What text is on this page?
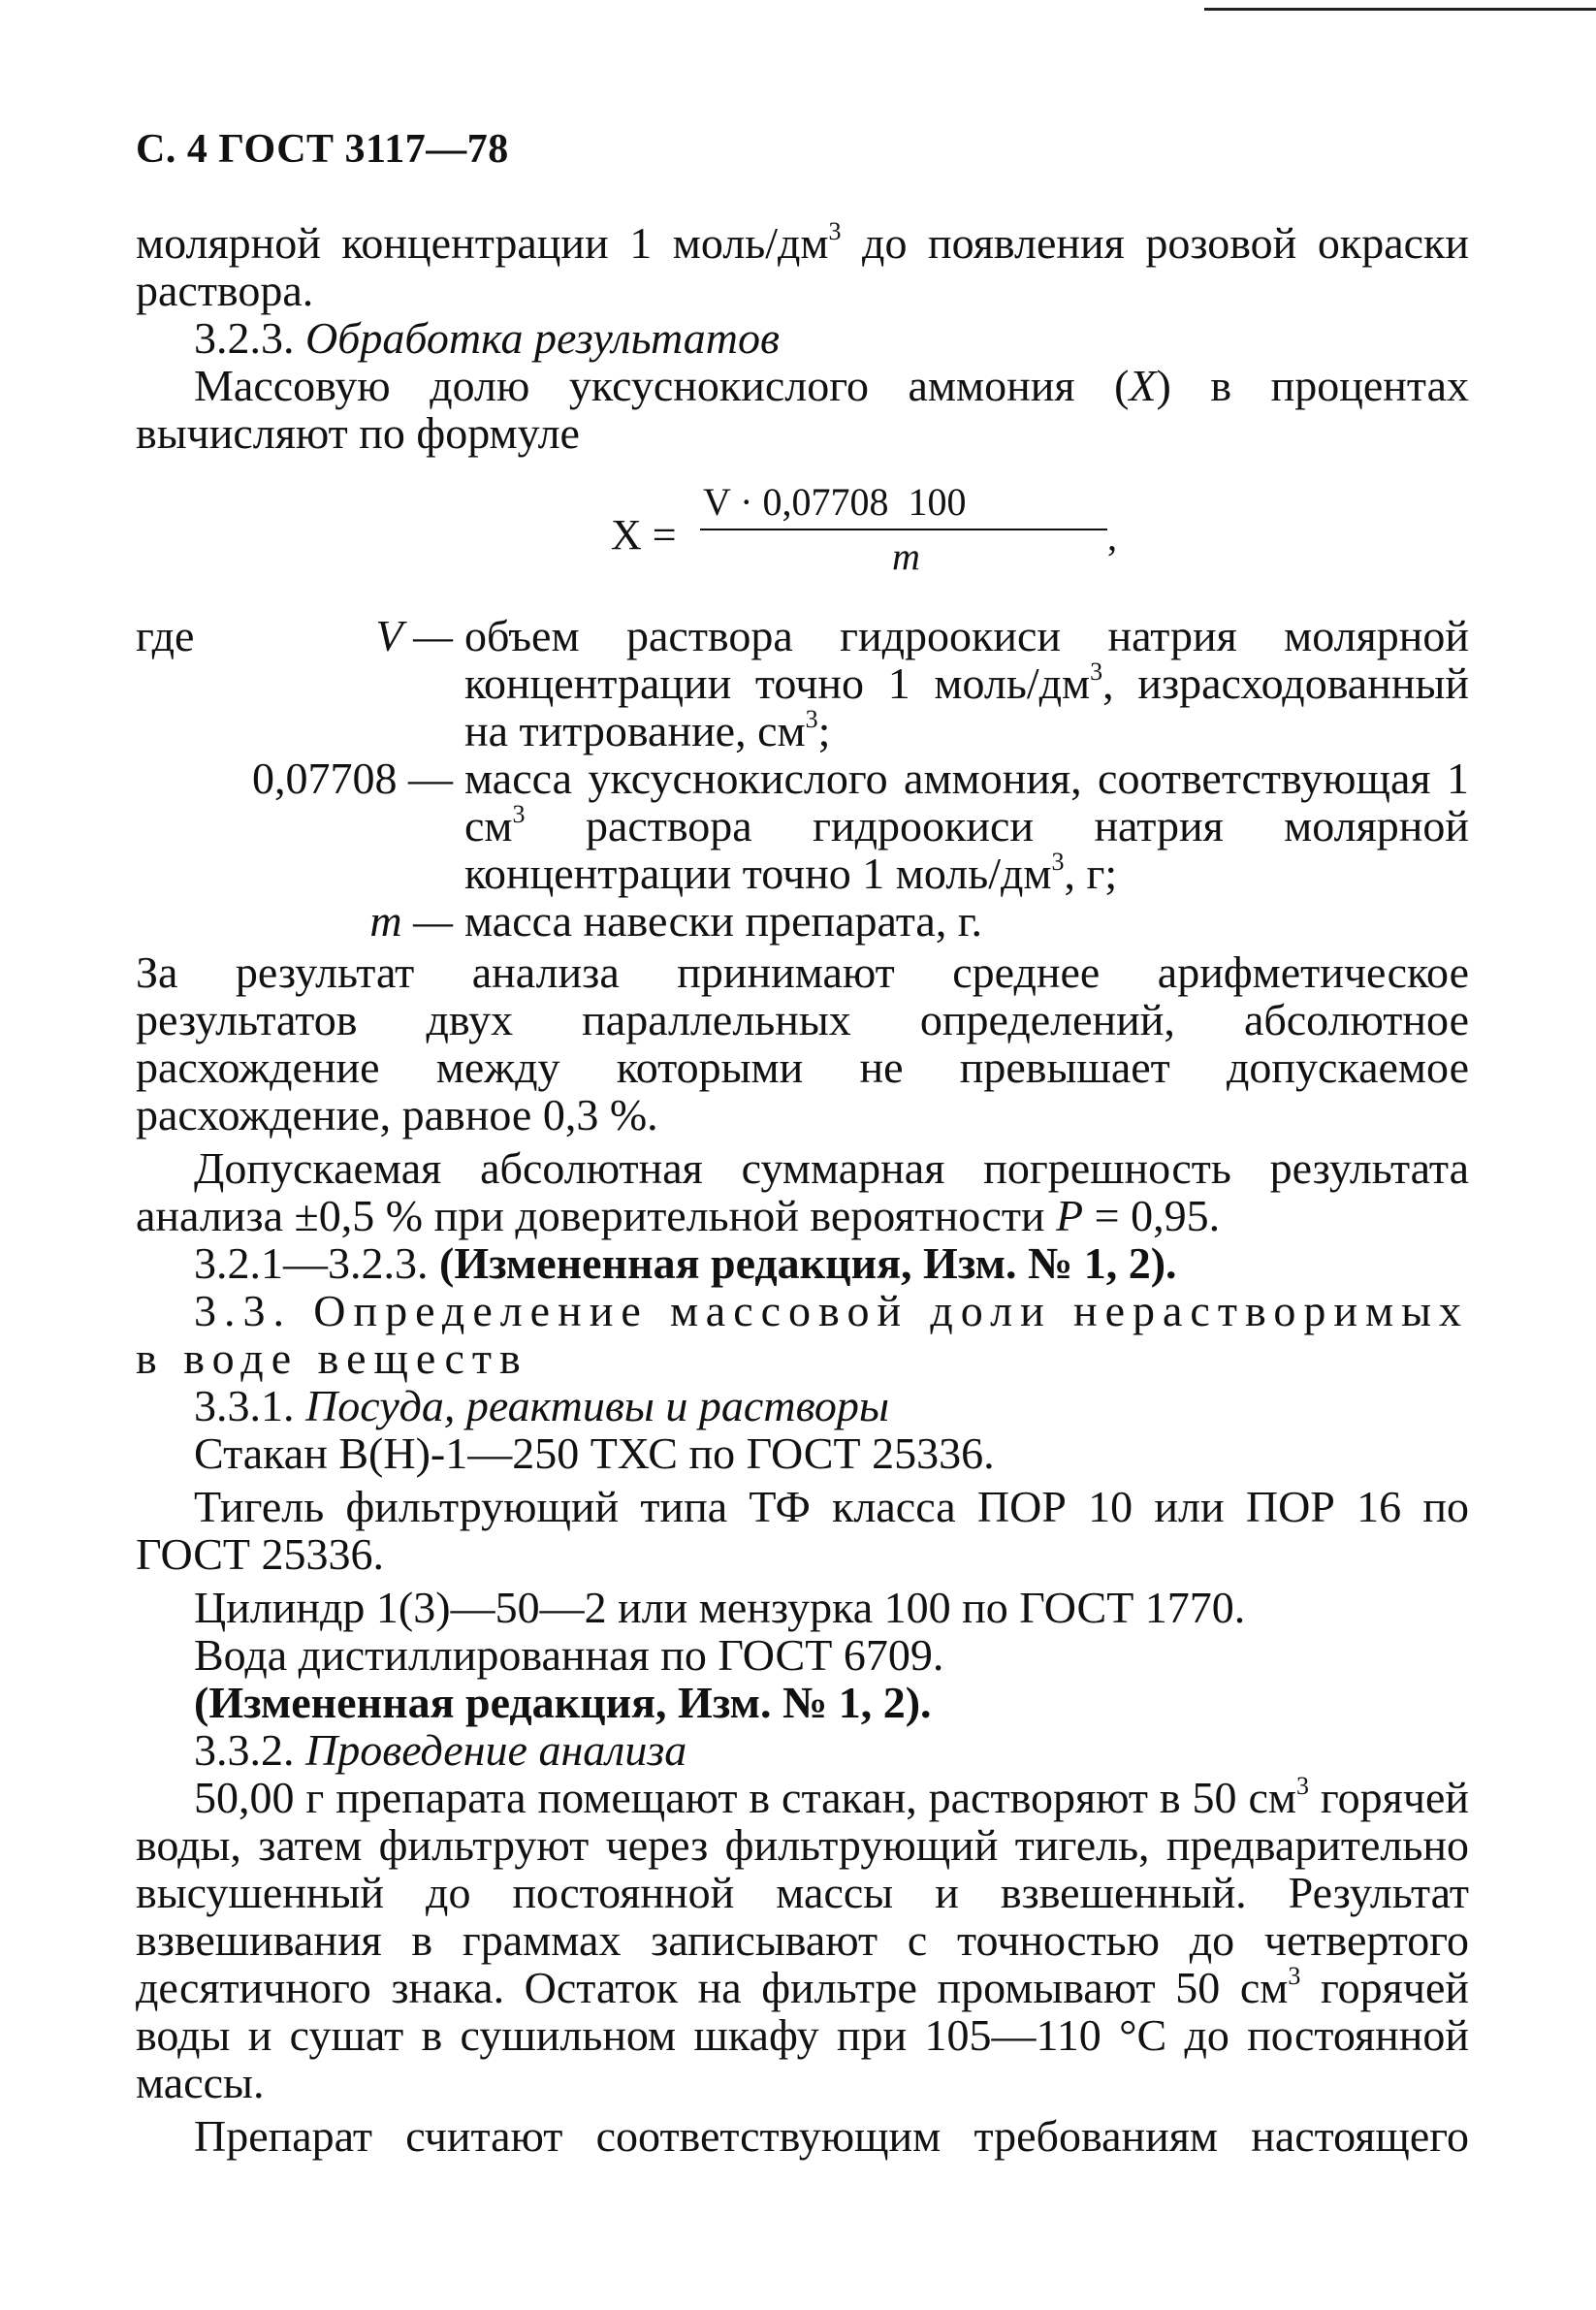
С. 4 ГОСТ 3117—78

молярной концентрации 1 моль/$дм^3$ до появления розовой окраски раствора.

3.2.3. Обработка результатов

Массовую долю уксуснокислого аммония (X) в процентах вычисляют по формуле

X =
V · 0,07708  100
,
m
где	V —	объем раствора гидроокиси натрия молярной концентрации точно 1 моль/$дм^3$, израсходованный на титрование, $см^3$;
	0,07708 —	масса уксуснокислого аммония, соответствующая 1 $см^3$ раствора гидроокиси натрия молярной концентрации точно 1 моль/$дм^3$, г;
	m —	масса навески препарата, г.

За результат анализа принимают среднее арифметическое результатов двух параллельных определений, абсолютное расхождение между которыми не превышает допускаемое расхождение, равное 0,3 %.

Допускаемая абсолютная суммарная погрешность результата анализа ±0,5 % при доверительной вероятности P = 0,95.

3.2.1—3.2.3. (Измененная редакция, Изм. № 1, 2).

3.3. Определение массовой доли нерастворимых в воде веществ

3.3.1. Посуда, реактивы и растворы

Стакан В(Н)-1—250 ТХС по ГОСТ 25336.

Тигель фильтрующий типа ТФ класса ПОР 10 или ПОР 16 по ГОСТ 25336.

Цилиндр 1(3)—50—2 или мензурка 100 по ГОСТ 1770.

Вода дистиллированная по ГОСТ 6709.

(Измененная редакция, Изм. № 1, 2).

3.3.2. Проведение анализа

50,00 г препарата помещают в стакан, растворяют в 50 $см^3$ горячей воды, затем фильтруют через фильтрующий тигель, предварительно высушенный до постоянной массы и взвешенный. Результат взвешивания в граммах записывают с точностью до четвертого десятичного знака. Остаток на фильтре промывают 50 $см^3$ горячей воды и сушат в сушильном шкафу при 105—110 °С до постоянной массы.

Препарат считают соответствующим требованиям настоящего
